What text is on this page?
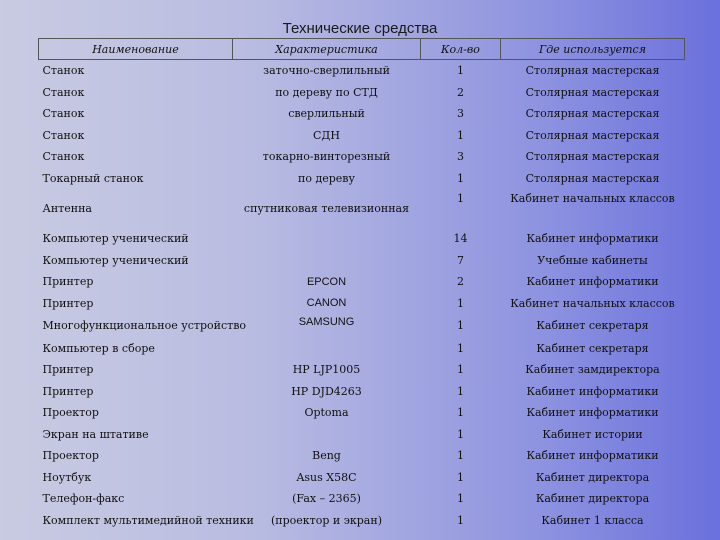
Технические средства
Наименование	Характеристика	Кол-во	Где используется
Станок	заточно-сверлильный	1	Столярная мастерская
Станок	по дереву по СТД	2	Столярная мастерская
Станок	сверлильный	3	Столярная мастерская
Станок	СДН	1	Столярная мастерская
Станок	токарно-винторезный	3	Столярная мастерская
Токарный станок	по дереву	1	Столярная мастерская
Антенна	спутниковая телевизионная	1	Кабинет начальных классов
Компьютер ученический		14	Кабинет информатики
Компьютер ученический		7	Учебные кабинеты
Принтер	EPCON	2	Кабинет информатики
Принтер	CANON	1	Кабинет начальных классов
Многофункциональное устройство	SAMSUNG	1	Кабинет секретаря
Компьютер в сборе		1	Кабинет секретаря
Принтер	HP LJP1005	1	Кабинет замдиректора
Принтер	HP DJD4263	1	Кабинет информатики
Проектор	Optoma	1	Кабинет информатики
Экран на штативе		1	Кабинет истории
Проектор	Beng	1	Кабинет информатики
Ноутбук	Asus X58C	1	Кабинет директора
Телефон-факс	(Fax – 2365)	1	Кабинет директора
Комплект мультимедийной техники	(проектор и экран)	1	Кабинет 1 класса
